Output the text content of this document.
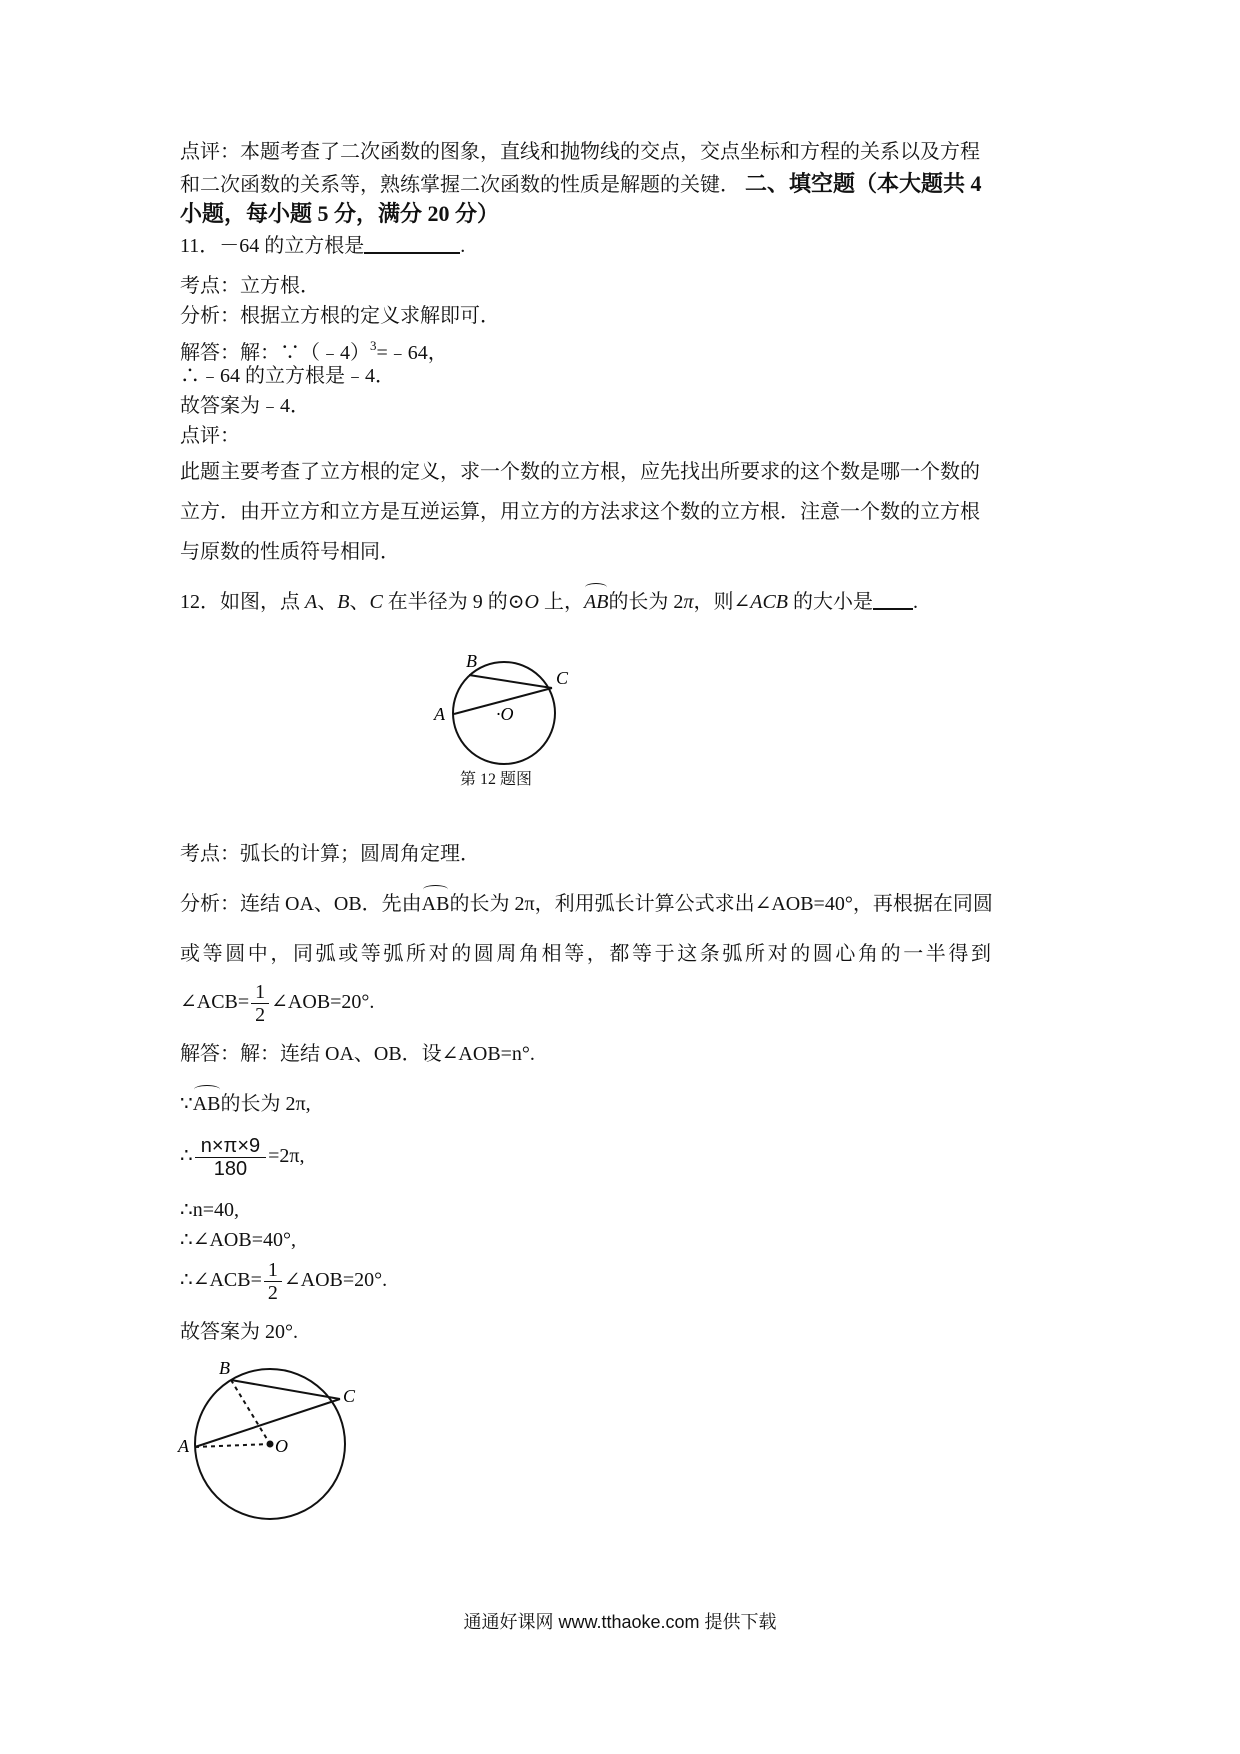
点评：本题考查了二次函数的图象，直线和抛物线的交点，交点坐标和方程的关系以及方程
和二次函数的关系等，熟练掌握二次函数的性质是解题的关键． 二、填空题（本大题共 4
小题，每小题 5 分，满分 20 分）
11．－64 的立方根是	.
考点：立方根．
分析：根据立方根的定义求解即可．
解答：解：∵（﹣4）$^3$=﹣64，
∴﹣64 的立方根是﹣4．
故答案为﹣4．
点评：
此题主要考查了立方根的定义，求一个数的立方根，应先找出所要求的这个数是哪一个数的
立方．由开立方和立方是互逆运算，用立方的方法求这个数的立方根．注意一个数的立方根
与原数的性质符号相同．
12．如图，点 A、B、C 在半径为 9 的⊙O 上，AB的长为 2π，则∠ACB 的大小是 .
B
C
A	·O
第 12 题图
考点：弧长的计算；圆周角定理．
分析：连结 OA、OB．先由AB的长为 2π，利用弧长计算公式求出∠AOB=40°，再根据在同圆
或等圆中，同弧或等弧所对的圆周角相等，都等于这条弧所对的圆心角的一半得到
∠ACB= $\frac{1}{2}$ ∠AOB=20°.
解答：解：连结 OA、OB．设∠AOB=n°.
∵AB的长为 2π,
∴ $\frac{n\times\pi\times 9}{180} =2\pi$,
∴n=40,
∴∠AOB=40°,
∴∠ACB= $\frac{1}{2}$ ∠AOB=20°.
故答案为 20°.
B
C
A	O
通通好课网 www.tthaoke.com 提供下载
